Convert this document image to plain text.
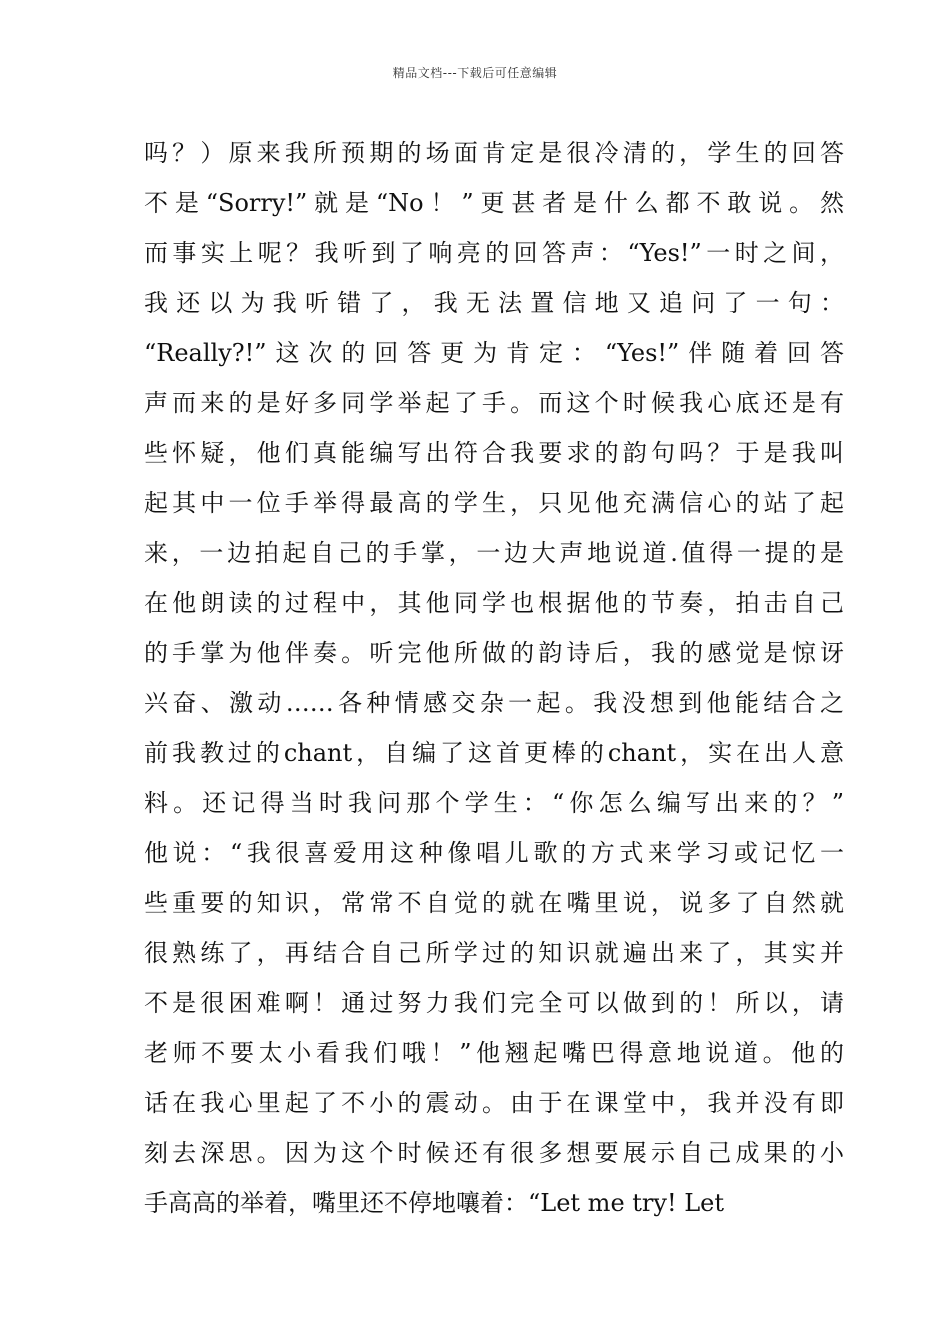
精品文档---下载后可任意编辑
吗？）原来我所预期的场面肯定是很冷清的，学生的回答
不是“Sorry!”就是“No！”更甚者是什么都不敢说。然
而事实上呢？我听到了响亮的回答声：“Yes!”一时之间，
我还以为我听错了，我无法置信地又追问了一句：
“Really?!”这次的回答更为肯定：“Yes!”伴随着回答
声而来的是好多同学举起了手。而这个时候我心底还是有
些怀疑，他们真能编写出符合我要求的韵句吗？于是我叫
起其中一位手举得最高的学生，只见他充满信心的站了起
来，一边拍起自己的手掌，一边大声地说道.值得一提的是
在他朗读的过程中，其他同学也根据他的节奏，拍击自己
的手掌为他伴奏。听完他所做的韵诗后，我的感觉是惊讶
兴奋、激动……各种情感交杂一起。我没想到他能结合之
前我教过的chant，自编了这首更棒的chant，实在出人意
料。还记得当时我问那个学生：“你怎么编写出来的？”
他说：“我很喜爱用这种像唱儿歌的方式来学习或记忆一
些重要的知识，常常不自觉的就在嘴里说，说多了自然就
很熟练了，再结合自己所学过的知识就遍出来了，其实并
不是很困难啊！通过努力我们完全可以做到的！所以，请
老师不要太小看我们哦！”他翘起嘴巴得意地说道。他的
话在我心里起了不小的震动。由于在课堂中，我并没有即
刻去深思。因为这个时候还有很多想要展示自己成果的小
手高高的举着，嘴里还不停地嚷着：“Let me try! Let
